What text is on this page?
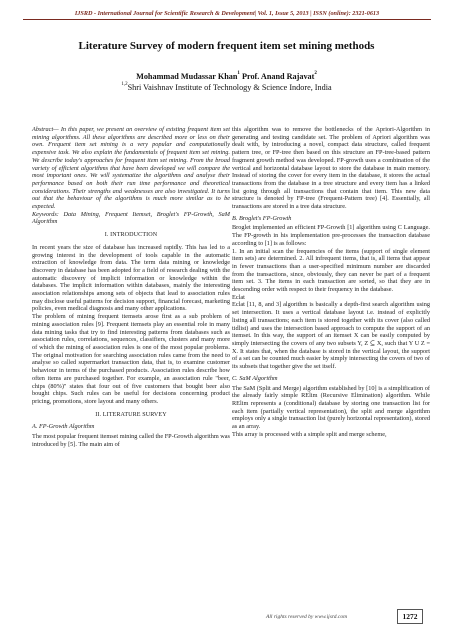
IJSRD - International Journal for Scientific Research & Development| Vol. 1, Issue 5, 2013 | ISSN (online): 2321-0613
Literature Survey of modern frequent item set mining methods
Mohammad Mudassar Khan$^1$ Prof. Anand Rajavat$^2$
$^{1,2}$Shri Vaishnav Institute of Technology & Science Indore, India

Abstract— In this paper, we present an overview of existing frequent item set mining algorithms. All these algorithms are described more or less on their own. Frequent item set mining is a very popular and computationally expensive task. We also explain the fundamentals of frequent item set mining. We describe today's approaches for frequent item set mining. From the broad variety of efficient algorithms that have been developed we will compare the most important ones. We will systematize the algorithms and analyse their performance based on both their run time performance and theoretical considerations. Their strengths and weaknesses are also investigated. It turns out that the behaviour of the algorithms is much more similar as to be expected.

Keywords: Data Mining, Frequent Itemset, Broglet's FP-Growth, SaM Algorithm

I. INTRODUCTION

In recent years the size of database has increased rapidly. This has led to a growing interest in the development of tools capable in the automatic extraction of knowledge from data. The term data mining or knowledge discovery in database has been adopted for a field of research dealing with the automatic discovery of implicit information or knowledge within the databases. The implicit information within databases, mainly the interesting association relationships among sets of objects that lead to association rules may disclose useful patterns for decision support, financial forecast, marketing policies, even medical diagnosis and many other applications.

The problem of mining frequent itemsets arose first as a sub problem of mining association rules [9]. Frequent itemsets play an essential role in many data mining tasks that try to find interesting patterns from databases such as association rules, correlations, sequences, classifiers, clusters and many more of which the mining of association rules is one of the most popular problems. The original motivation for searching association rules came from the need to analyse so called supermarket transaction data, that is, to examine customer behaviour in terms of the purchased products. Association rules describe how often items are purchased together. For example, an association rule "beer, chips (80%)" states that four out of five customers that bought beer also bought chips. Such rules can be useful for decisions concerning product pricing, promotions, store layout and many others.

II. LITERATURE SURVEY
A. FP-Growth Algorithm

The most popular frequent itemset mining called the FP-Growth algorithm was introduced by [5]. The main aim of

this algorithm was to remove the bottlenecks of the Apriori-Algorithm in generating and testing candidate set. The problem of Apriori algorithm was dealt with, by introducing a novel, compact data structure, called frequent pattern tree, or FP-tree then based on this structure an FP-tree-based pattern fragment growth method was developed. FP-growth uses a combination of the vertical and horizontal database layout to store the database in main memory. Instead of storing the cover for every item in the database, it stores the actual transactions from the database in a tree structure and every item has a linked list going through all transactions that contain that item. This new data structure is denoted by FP-tree (Frequent-Pattern tree) [4]. Essentially, all transactions are stored in a tree data structure.

B. Broglet's FP-Growth

Broglet implemented an efficient FP-Growth [1] algorithm using C Language. The FP-growth in his implementation pre-processes the transaction database according to [1] is as follows:

1. In an initial scan the frequencies of the items (support of single element item sets) are determined. 2. All infrequent items, that is, all items that appear in fewer transactions than a user-specified minimum number are discarded from the transactions, since, obviously, they can never be part of a frequent item set. 3. The items in each transaction are sorted, so that they are in descending order with respect to their frequency in the database.

Eclat

Eclat [11, 8, and 3] algorithm is basically a depth-first search algorithm using set intersection. It uses a vertical database layout i.e. instead of explicitly listing all transactions; each item is stored together with its cover (also called tidlist) and uses the intersection based approach to compute the support of an itemset. In this way, the support of an itemset X can be easily computed by simply intersecting the covers of any two subsets Y, Z ⊆ X, such that Y U Z = X. It states that, when the database is stored in the vertical layout, the support of a set can be counted much easier by simply intersecting the covers of two of its subsets that together give the set itself.

C. SaM Algorithm

The SaM (Split and Merge) algorithm established by [10] is a simplification of the already fairly simple RElim (Recursive Elimination) algorithm. While RElim represents a (conditional) database by storing one transaction list for each item (partially vertical representation), the split and merge algorithm employs only a single transaction list (purely horizontal representation), stored as an array.

This array is processed with a simple split and merge scheme,

All rights reserved by www.ijsrd.com	1272
